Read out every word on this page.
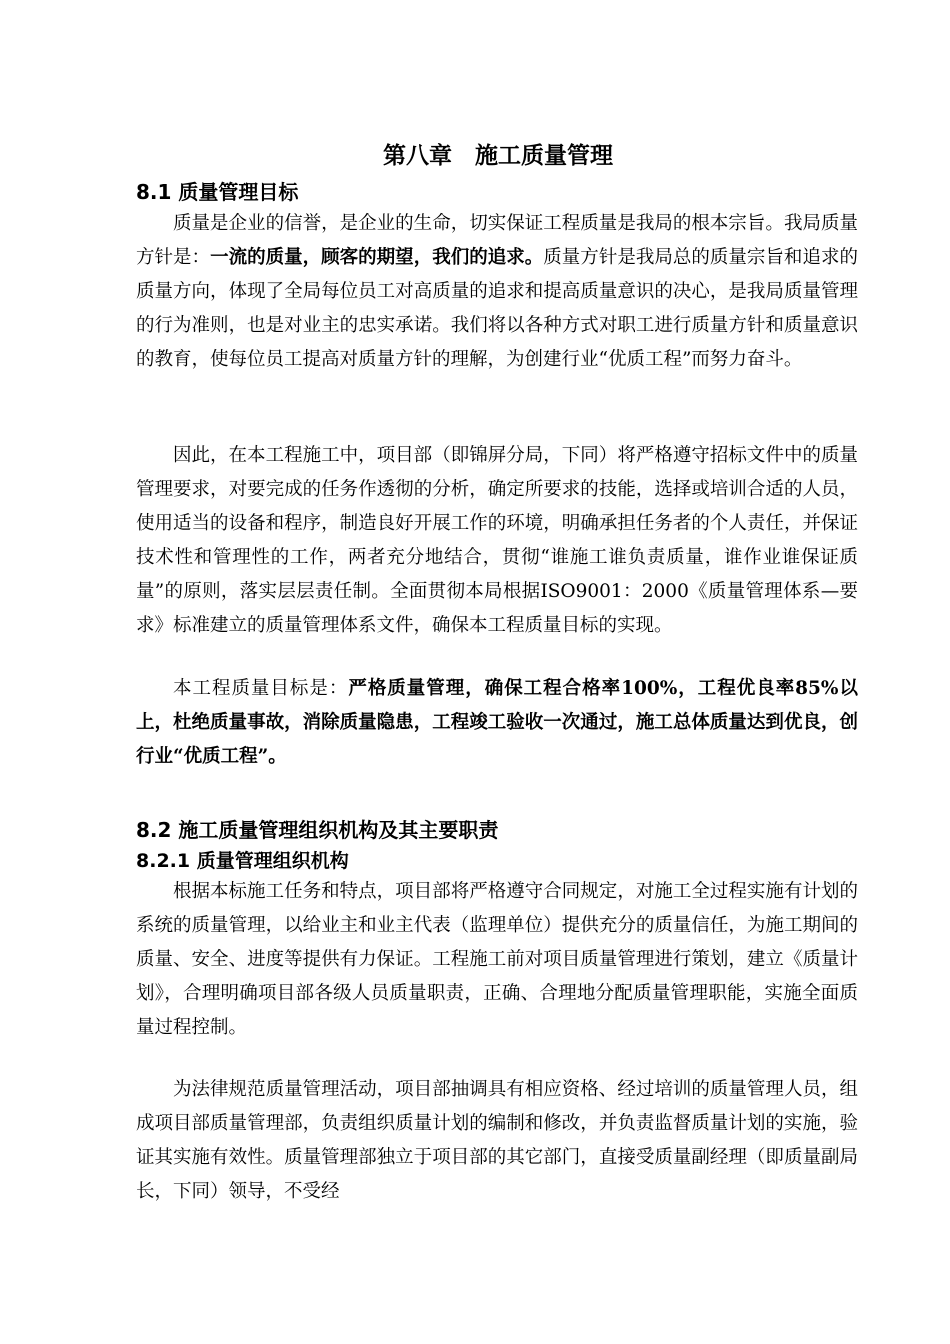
第八章　施工质量管理
8.1 质量管理目标

质量是企业的信誉，是企业的生命，切实保证工程质量是我局的根本宗旨。我局质量方针是：一流的质量，顾客的期望，我们的追求。质量方针是我局总的质量宗旨和追求的质量方向，体现了全局每位员工对高质量的追求和提高质量意识的决心，是我局质量管理的行为准则，也是对业主的忠实承诺。我们将以各种方式对职工进行质量方针和质量意识的教育，使每位员工提高对质量方针的理解，为创建行业“优质工程”而努力奋斗。

因此，在本工程施工中，项目部（即锦屏分局，下同）将严格遵守招标文件中的质量管理要求，对要完成的任务作透彻的分析，确定所要求的技能，选择或培训合适的人员，使用适当的设备和程序，制造良好开展工作的环境，明确承担任务者的个人责任，并保证技术性和管理性的工作，两者充分地结合，贯彻“谁施工谁负责质量，谁作业谁保证质量”的原则，落实层层责任制。全面贯彻本局根据ISO9001：2000《质量管理体系—要求》标准建立的质量管理体系文件，确保本工程质量目标的实现。

本工程质量目标是：严格质量管理，确保工程合格率100%，工程优良率85%以上，杜绝质量事故，消除质量隐患，工程竣工验收一次通过，施工总体质量达到优良，创行业“优质工程”。

8.2 施工质量管理组织机构及其主要职责
8.2.1 质量管理组织机构

根据本标施工任务和特点，项目部将严格遵守合同规定，对施工全过程实施有计划的系统的质量管理，以给业主和业主代表（监理单位）提供充分的质量信任，为施工期间的质量、安全、进度等提供有力保证。工程施工前对项目质量管理进行策划，建立《质量计划》，合理明确项目部各级人员质量职责，正确、合理地分配质量管理职能，实施全面质量过程控制。

为法律规范质量管理活动，项目部抽调具有相应资格、经过培训的质量管理人员，组成项目部质量管理部，负责组织质量计划的编制和修改，并负责监督质量计划的实施，验证其实施有效性。质量管理部独立于项目部的其它部门，直接受质量副经理（即质量副局长，下同）领导，不受经
